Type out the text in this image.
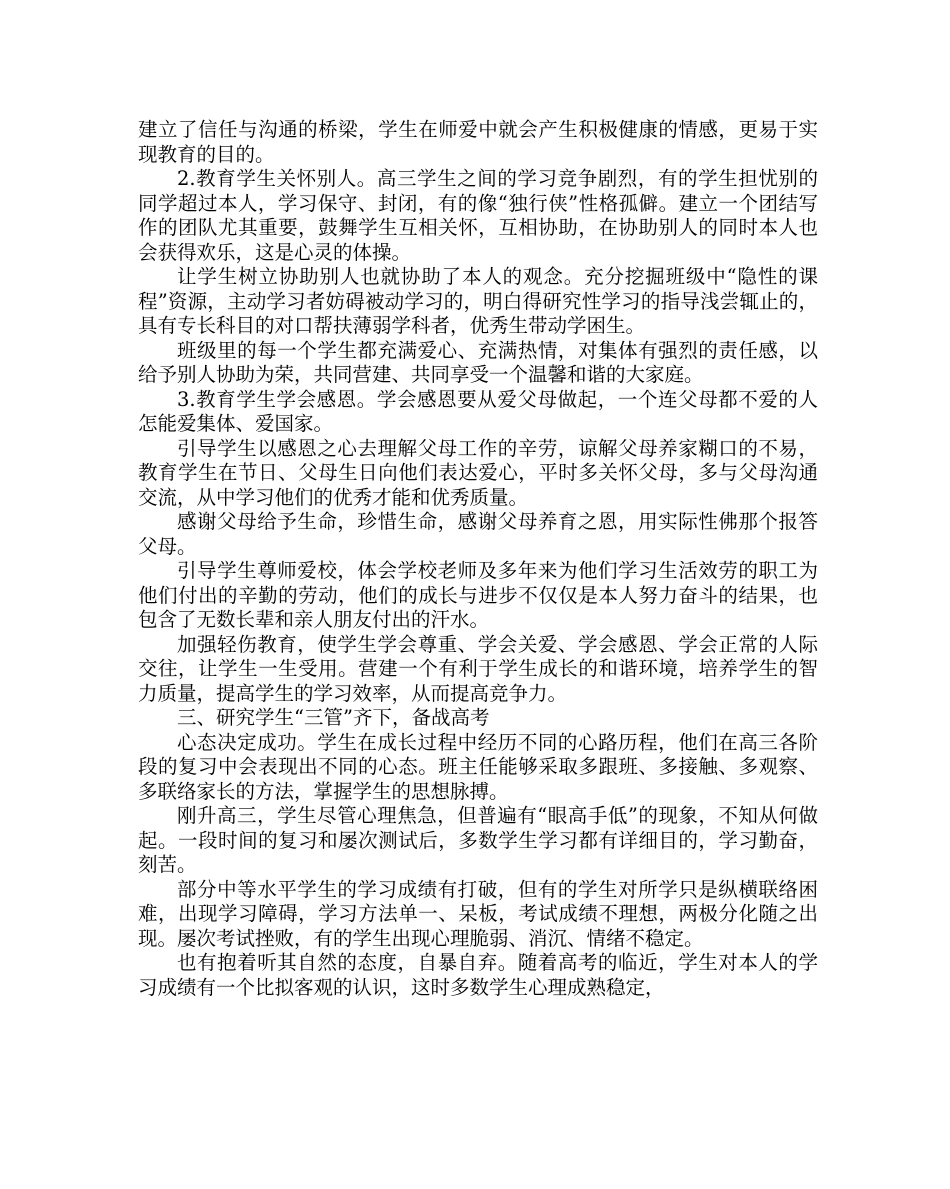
建立了信任与沟通的桥梁，学生在师爱中就会产生积极健康的情感，更易于实现教育的目的。

2.教育学生关怀别人。高三学生之间的学习竞争剧烈，有的学生担忧别的同学超过本人，学习保守、封闭，有的像“独行侠”性格孤僻。建立一个团结写作的团队尤其重要，鼓舞学生互相关怀，互相协助，在协助别人的同时本人也会获得欢乐，这是心灵的体操。

让学生树立协助别人也就协助了本人的观念。充分挖掘班级中“隐性的课程”资源，主动学习者妨碍被动学习的，明白得研究性学习的指导浅尝辄止的，具有专长科目的对口帮扶薄弱学科者，优秀生带动学困生。

班级里的每一个学生都充满爱心、充满热情，对集体有强烈的责任感，以给予别人协助为荣，共同营建、共同享受一个温馨和谐的大家庭。

3.教育学生学会感恩。学会感恩要从爱父母做起，一个连父母都不爱的人怎能爱集体、爱国家。

引导学生以感恩之心去理解父母工作的辛劳，谅解父母养家糊口的不易，教育学生在节日、父母生日向他们表达爱心，平时多关怀父母，多与父母沟通交流，从中学习他们的优秀才能和优秀质量。

感谢父母给予生命，珍惜生命，感谢父母养育之恩，用实际性佛那个报答父母。

引导学生尊师爱校，体会学校老师及多年来为他们学习生活效劳的职工为他们付出的辛勤的劳动，他们的成长与进步不仅仅是本人努力奋斗的结果，也包含了无数长辈和亲人朋友付出的汗水。

加强轻伤教育，使学生学会尊重、学会关爱、学会感恩、学会正常的人际交往，让学生一生受用。营建一个有利于学生成长的和谐环境，培养学生的智力质量，提高学生的学习效率，从而提高竞争力。

三、研究学生“三管”齐下，备战高考

心态决定成功。学生在成长过程中经历不同的心路历程，他们在高三各阶段的复习中会表现出不同的心态。班主任能够采取多跟班、多接触、多观察、多联络家长的方法，掌握学生的思想脉搏。

刚升高三，学生尽管心理焦急，但普遍有“眼高手低”的现象，不知从何做起。一段时间的复习和屡次测试后，多数学生学习都有详细目的，学习勤奋，刻苦。

部分中等水平学生的学习成绩有打破，但有的学生对所学只是纵横联络困难，出现学习障碍，学习方法单一、呆板，考试成绩不理想，两极分化随之出现。屡次考试挫败，有的学生出现心理脆弱、消沉、情绪不稳定。

也有抱着听其自然的态度，自暴自弃。随着高考的临近，学生对本人的学习成绩有一个比拟客观的认识，这时多数学生心理成熟稳定，
